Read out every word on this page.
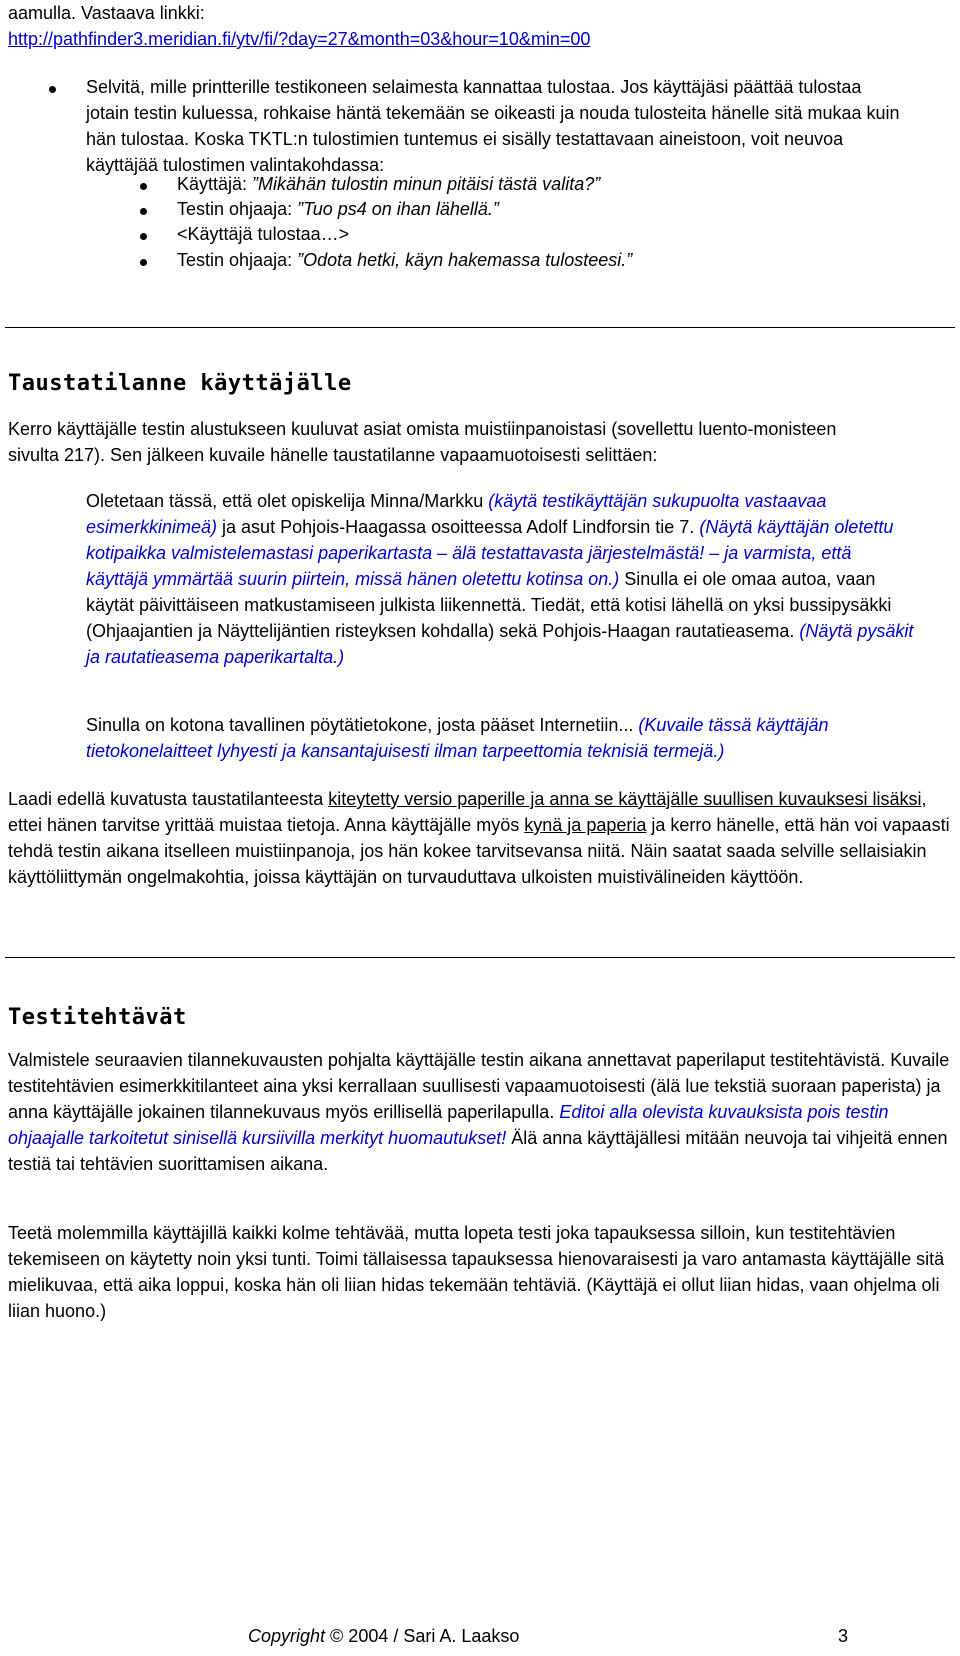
aamulla. Vastaava linkki:
http://pathfinder3.meridian.fi/ytv/fi/?day=27&month=03&hour=10&min=00

Selvitä, mille printterille testikoneen selaimesta kannattaa tulostaa. Jos käyttäjäsi päättää tulostaa jotain testin kuluessa, rohkaise häntä tekemään se oikeasti ja nouda tulosteita hänelle sitä mukaa kuin hän tulostaa. Koska TKTL:n tulostimien tuntemus ei sisälly testattavaan aineistoon, voit neuvoa käyttäjää tulostimen valintakohdassa:

Käyttäjä: ”Mikähän tulostin minun pitäisi tästä valita?”

Testin ohjaaja: ”Tuo ps4 on ihan lähellä.”

<Käyttäjä tulostaa…>

Testin ohjaaja: ”Odota hetki, käyn hakemassa tulosteesi.”

Taustatilanne käyttäjälle

Kerro käyttäjälle testin alustukseen kuuluvat asiat omista muistiinpanoistasi (sovellettu luento-monisteen sivulta 217). Sen jälkeen kuvaile hänelle taustatilanne vapaamuotoisesti selittäen:

Oletetaan tässä, että olet opiskelija Minna/Markku (käytä testikäyttäjän sukupuolta vastaavaa esimerkkinimeä) ja asut Pohjois-Haagassa osoitteessa Adolf Lindforsin tie 7. (Näytä käyttäjän oletettu kotipaikka valmistelemastasi paperikartasta – älä testattavasta järjestelmästä! – ja varmista, että käyttäjä ymmärtää suurin piirtein, missä hänen oletettu kotinsa on.) Sinulla ei ole omaa autoa, vaan käytät päivittäiseen matkustamiseen julkista liikennettä. Tiedät, että kotisi lähellä on yksi bussipysäkki (Ohjaajantien ja Näyttelijäntien risteyksen kohdalla) sekä Pohjois-Haagan rautatieasema. (Näytä pysäkit ja rautatieasema paperikartalta.)

Sinulla on kotona tavallinen pöytätietokone, josta pääset Internetiin... (Kuvaile tässä käyttäjän tietokonelaitteet lyhyesti ja kansantajuisesti ilman tarpeettomia teknisiä termejä.)

Laadi edellä kuvatusta taustatilanteesta kiteytetty versio paperille ja anna se käyttäjälle suullisen kuvauksesi lisäksi, ettei hänen tarvitse yrittää muistaa tietoja. Anna käyttäjälle myös kynä ja paperia ja kerro hänelle, että hän voi vapaasti tehdä testin aikana itselleen muistiinpanoja, jos hän kokee tarvitsevansa niitä. Näin saatat saada selville sellaisiakin käyttöliittymän ongelmakohtia, joissa käyttäjän on turvauduttava ulkoisten muistivälineiden käyttöön.

Testitehtävät

Valmistele seuraavien tilannekuvausten pohjalta käyttäjälle testin aikana annettavat paperilaput testitehtävistä. Kuvaile testitehtävien esimerkkitilanteet aina yksi kerrallaan suullisesti vapaamuotoisesti (älä lue tekstiä suoraan paperista) ja anna käyttäjälle jokainen tilannekuvaus myös erillisellä paperilapulla. Editoi alla olevista kuvauksista pois testin ohjaajalle tarkoitetut sinisellä kursiivilla merkityt huomautukset! Älä anna käyttäjällesi mitään neuvoja tai vihjeitä ennen testiä tai tehtävien suorittamisen aikana.

Teetä molemmilla käyttäjillä kaikki kolme tehtävää, mutta lopeta testi joka tapauksessa silloin, kun testitehtävien tekemiseen on käytetty noin yksi tunti. Toimi tällaisessa tapauksessa hienovaraisesti ja varo antamasta käyttäjälle sitä mielikuvaa, että aika loppui, koska hän oli liian hidas tekemään tehtäviä. (Käyttäjä ei ollut liian hidas, vaan ohjelma oli liian huono.)

Copyright © 2004 / Sari A. Laakso	3
